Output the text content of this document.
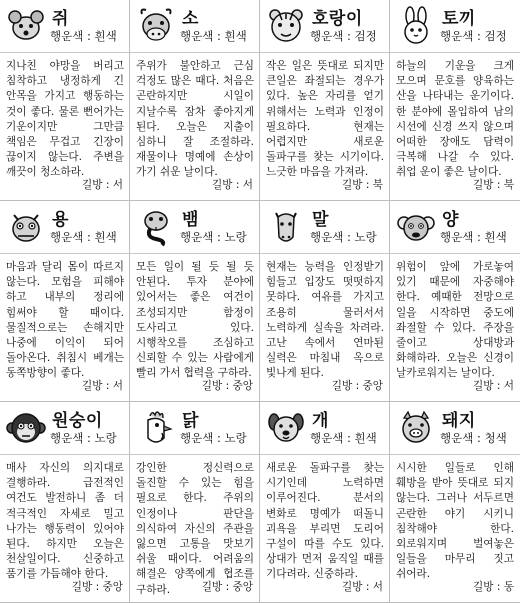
쥐
행운색 : 흰색
지나친 야망을 버리고 침착하고 냉정하게 긴 안목을 가지고 행동하는 것이 좋다. 물론 뻔어가는 기운이지만 그만큼 책임은 무겁고 긴장이 끊이지 않는다. 주변을 깨끗이 청소하라.
길방 : 서
소
행운색 : 흰색
주위가 불안하고 근심 걱정도 많은 때다. 처음은 곤란하지만 시일이 지날수록 잠차 좋아지게 된다. 오늘은 지출이 심하니 잘 조절하라. 재물이나 명예에 손상이 가기 쉬운 날이다.
길방 : 서
호랑이
행운색 : 검정
작은 일은 뜻대로 되지만 큰일은 좌절되는 경우가 있다. 높은 자리를 얻기 위해서는 노력과 인정이 필요하다. 현재는 어렵지만 새로운 돌파구를 찾는 시기이다. 느긋한 마음을 가져라.
길방 : 북
토끼
행운색 : 검정
하늘의 기운을 크게 모으며 문호를 양육하는 산을 나타내는 운기이다. 한 분야에 몰입하여 남의 시선에 신경 쓰지 않으며 어떠한 장애도 담력이 극복해 나갈 수 있다. 취업 운이 좋은 날이다.
길방 : 북
용
행운색 : 흰색
마음과 달리 몸이 따르지 않는다. 모험을 피해야 하고 내부의 정리에 힘써야 할 때이다. 물질적으로는 손해지만 나중에 이익이 되어 돌아온다. 취침시 베개는 동쪽방향이 좋다.
길방 : 서
뱀
행운색 : 노랑
모든 일이 될 듯 될 듯 안된다. 투자 분야에 있어서는 좋은 여건이 조성되지만 함정이 도사리고 있다. 시행착오를 조심하고 신뢰할 수 있는 사람에게 빨리 가서 협력을 구하라.
길방 : 중앙
말
행운색 : 노랑
현재는 능력을 인정받기 힘들고 입장도 떳떳하지 못하다. 여유를 가지고 조용히 물러서서 노력하게 실속을 차려라. 고난 속에서 연마된 실력은 마침내 옥으로 빛나게 된다.
길방 : 중앙
양
행운색 : 흰색
위험이 앞에 가로놓여 있기 때문에 자중해야 한다. 예때한 전망으로 일을 시작하면 중도에 좌절할 수 있다. 주장을 줄이고 상대방과 화해하라. 오늘은 신경이 날카로워지는 날이다.
길방 : 서
원숭이
행운색 : 노랑
매사 자신의 의지대로 결행하라. 급전적인 여건도 발전하니 좀 더 적극적인 자세로 밀고 나가는 행동력이 있어야 된다. 하지만 오늘은 천살일이다. 신중하고 품기를 가듬해야 한다.
길방 : 중앙
닭
행운색 : 노랑
강인한 정신력으로 돌진할 수 있는 힘을 필요로 한다. 주위의 인정이나 판단을 의식하여 자신의 주관을 잃으면 고통을 맛보기 쉬울 때이다. 어려움의 해결은 양쪽에게 협조를 구하라.	길방 : 중앙
개
행운색 : 흰색
새로운 돌파구를 찾는 시기인데 노력하면 이루어진다. 분서의 변화로 명예가 떠돌니 괴욕을 부리면 도리어 구설이 따를 수도 있다. 상대가 먼저 움직일 때를 기다려라. 신중하라.
길방 : 서
돼지
행운색 : 청색
시시한 일들로 인해 훼방을 받아 뜻대로 되지 않는다. 그러나 서두르면 곤란한 야기 시키니 침착해야 한다. 외로워지며 벌여놓은 일들을 마무리 짓고 쉬어라.
길방 : 동
